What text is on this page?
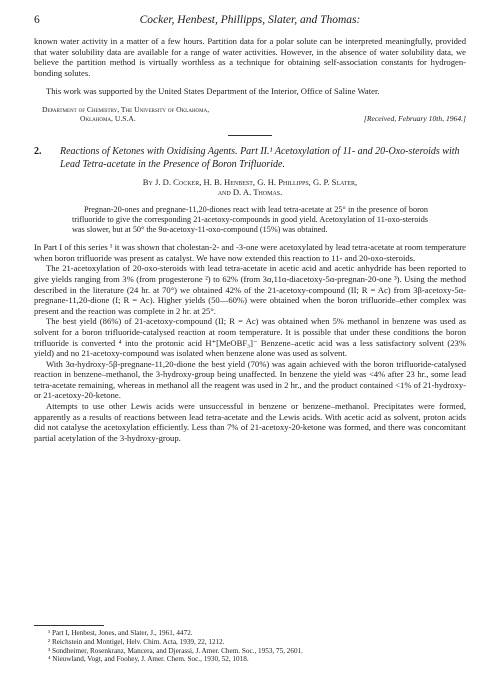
6	Cocker, Henbest, Phillipps, Slater, and Thomas:

known water activity in a matter of a few hours. Partition data for a polar solute can be interpreted meaningfully, provided that water solubility data are available for a range of water activities. However, in the absence of water solubility data, we believe the partition method is virtually worthless as a technique for obtaining self-association constants for hydrogen-bonding solutes.

This work was supported by the United States Department of the Interior, Office of Saline Water.

Department of Chemistry, The University of Oklahoma,
Oklahoma, U.S.A.	[Received, February 10th, 1964.]
2.	Reactions of Ketones with Oxidising Agents. Part II.¹ Acetoxylation of 11- and 20-Oxo-steroids with Lead Tetra-acetate in the Presence of Boron Trifluoride.
By J. D. Cocker, H. B. Henbest, G. H. Phillipps, G. P. Slater,
and D. A. Thomas.

Pregnan-20-ones and pregnane-11,20-diones react with lead tetra-acetate at 25° in the presence of boron trifluoride to give the corresponding 21-acetoxy-compounds in good yield. Acetoxylation of 11-oxo-steroids was slower, but at 50° the 9α-acetoxy-11-oxo-compound (15%) was obtained.

In Part I of this series ¹ it was shown that cholestan-2- and -3-one were acetoxylated by lead tetra-acetate at room temperature when boron trifluoride was present as catalyst. We have now extended this reaction to 11- and 20-oxo-steroids.

The 21-acetoxylation of 20-oxo-steroids with lead tetra-acetate in acetic acid and acetic anhydride has been reported to give yields ranging from 3% (from progesterone ²) to 62% (from 3α,11α-diacetoxy-5α-pregnan-20-one ³). Using the method described in the literature (24 hr. at 70°) we obtained 42% of the 21-acetoxy-compound (II; R = Ac) from 3β-acetoxy-5α-pregnane-11,20-dione (I; R = Ac). Higher yields (50—60%) were obtained when the boron trifluoride–ether complex was present and the reaction was complete in 2 hr. at 25°.

The best yield (86%) of 21-acetoxy-compound (II; R = Ac) was obtained when 5% methanol in benzene was used as solvent for a boron trifluoride-catalysed reaction at room temperature. It is possible that under these conditions the boron trifluoride is converted ⁴ into the protonic acid H⁺[MeOBF₃]⁻ Benzene–acetic acid was a less satisfactory solvent (23% yield) and no 21-acetoxy-compound was isolated when benzene alone was used as solvent.

With 3α-hydroxy-5β-pregnane-11,20-dione the best yield (70%) was again achieved with the boron trifluoride-catalysed reaction in benzene–methanol, the 3-hydroxy-group being unaffected. In benzene the yield was <4% after 23 hr., some lead tetra-acetate remaining, whereas in methanol all the reagent was used in 2 hr., and the product contained <1% of 21-hydroxy- or 21-acetoxy-20-ketone.

Attempts to use other Lewis acids were unsuccessful in benzene or benzene–methanol. Precipitates were formed, apparently as a results of reactions between lead tetra-acetate and the Lewis acids. With acetic acid as solvent, proton acids did not catalyse the acetoxylation efficiently. Less than 7% of 21-acetoxy-20-ketone was formed, and there was concomitant partial acetylation of the 3-hydroxy-group.

¹ Part I, Henbest, Jones, and Slater, J., 1961, 4472.
² Reichstein and Montigel, Helv. Chim. Acta, 1939, 22, 1212.
³ Sondheimer, Rosenkranz, Mancera, and Djerassi, J. Amer. Chem. Soc., 1953, 75, 2601.
⁴ Nieuwland, Vogt, and Foohey, J. Amer. Chem. Soc., 1930, 52, 1018.
